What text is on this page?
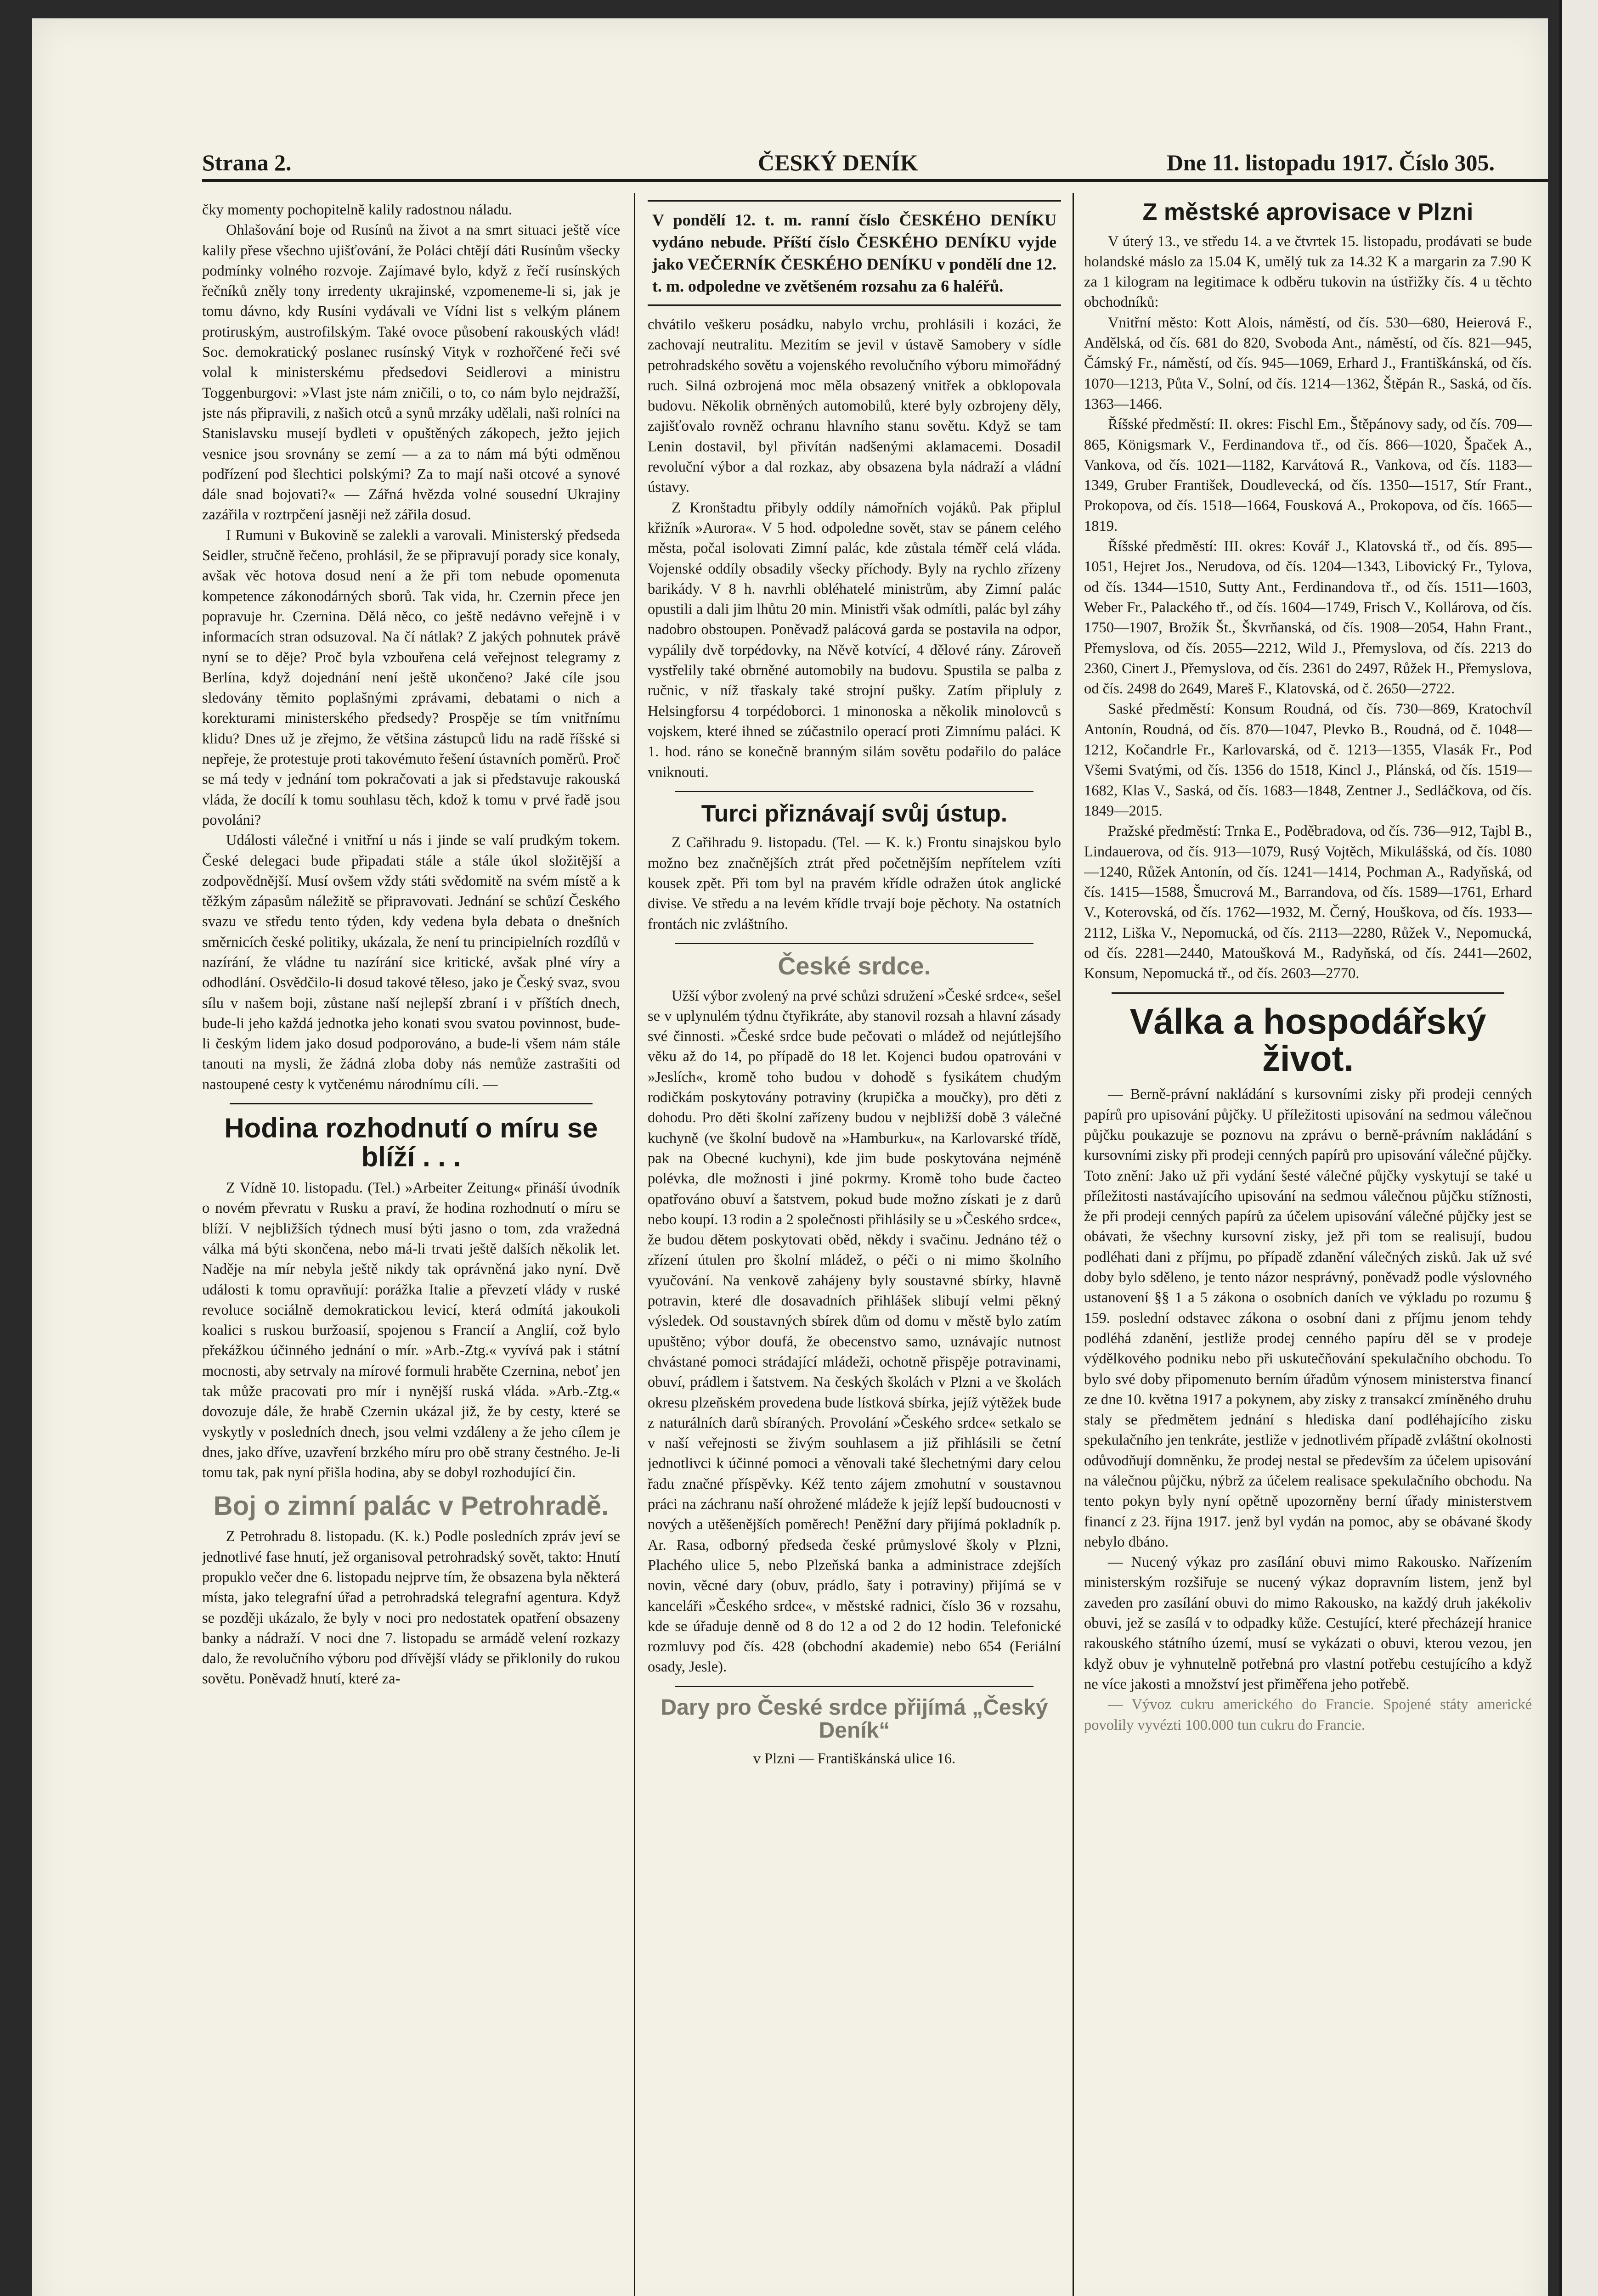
Strana 2.	ČESKÝ DENÍK	Dne 11. listopadu 1917. Číslo 305.

čky momenty pochopitelně kalily radostnou náladu.

Ohlašování boje od Rusínů na život a na smrt situaci ještě více kalily přese všechno ujišťování, že Poláci chtějí dáti Rusínům všecky podmínky volného rozvoje. Zajímavé bylo, když z řečí rusínských řečníků zněly tony irredenty ukrajinské, vzpomeneme-li si, jak je tomu dávno, kdy Rusíni vydávali ve Vídni list s velkým plánem protiruským, austrofilským. Také ovoce působení rakouských vlád! Soc. demokratický poslanec rusínský Vityk v rozhořčené řeči své volal k ministerskému předsedovi Seidlerovi a ministru Toggenburgovi: »Vlast jste nám zničili, o to, co nám bylo nejdražší, jste nás připravili, z našich otců a synů mrzáky udělali, naši rolníci na Stanislavsku musejí bydleti v opuštěných zákopech, ježto jejich vesnice jsou srovnány se zemí — a za to nám má býti odměnou podřízení pod šlechtici polskými? Za to mají naši otcové a synové dále snad bojovati?« — Zářná hvězda volné sousední Ukrajiny zazářila v roztrpčení jasněji než zářila dosud.

I Rumuni v Bukovině se zalekli a varovali. Ministerský předseda Seidler, stručně řečeno, prohlásil, že se připravují porady sice konaly, avšak věc hotova dosud není a že při tom nebude opomenuta kompetence zákonodárných sborů. Tak vida, hr. Czernin přece jen popravuje hr. Czernina. Dělá něco, co ještě nedávno veřejně i v informacích stran odsuzoval. Na čí nátlak? Z jakých pohnutek právě nyní se to děje? Proč byla vzbouřena celá veřejnost telegramy z Berlína, když dojednání není ještě ukončeno? Jaké cíle jsou sledovány těmito poplašnými zprávami, debatami o nich a korekturami ministerského předsedy? Prospěje se tím vnitřnímu klidu? Dnes už je zřejmo, že většina zástupců lidu na radě říšské si nepřeje, že protestuje proti takovémuto řešení ústavních poměrů. Proč se má tedy v jednání tom pokračovati a jak si představuje rakouská vláda, že docílí k tomu souhlasu těch, kdož k tomu v prvé řadě jsou povoláni?

Události válečné i vnitřní u nás i jinde se valí prudkým tokem. České delegaci bude připadati stále a stále úkol složitější a zodpovědnější. Musí ovšem vždy státi svědomitě na svém místě a k těžkým zápasům náležitě se připravovati. Jednání se schůzí Českého svazu ve středu tento týden, kdy vedena byla debata o dnešních směrnicích české politiky, ukázala, že není tu principielních rozdílů v nazírání, že vládne tu nazírání sice kritické, avšak plné víry a odhodlání. Osvědčilo-li dosud takové těleso, jako je Český svaz, svou sílu v našem boji, zůstane naší nejlepší zbraní i v příštích dnech, bude-li jeho každá jednotka jeho konati svou svatou povinnost, bude-li českým lidem jako dosud podporováno, a bude-li všem nám stále tanouti na mysli, že žádná zloba doby nás nemůže zastrašiti od nastoupené cesty k vytčenému národnímu cíli. —

Hodina rozhodnutí o míru se blíží . . .

Z Vídně 10. listopadu. (Tel.) »Arbeiter Zeitung« přináší úvodník o novém převratu v Rusku a praví, že hodina rozhodnutí o míru se blíží. V nejbližších týdnech musí býti jasno o tom, zda vražedná válka má býti skončena, nebo má-li trvati ještě dalších několik let. Naděje na mír nebyla ještě nikdy tak oprávněná jako nyní. Dvě události k tomu opravňují: porážka Italie a převzetí vlády v ruské revoluce sociálně demokratickou levicí, která odmítá jakoukoli koalici s ruskou buržoasií, spojenou s Francií a Anglií, což bylo překážkou účinného jednání o mír. »Arb.-Ztg.« vyvívá pak i státní mocnosti, aby setrvaly na mírové formuli hraběte Czernina, neboť jen tak může pracovati pro mír i nynější ruská vláda. »Arb.-Ztg.« dovozuje dále, že hrabě Czernin ukázal již, že by cesty, které se vyskytly v posledních dnech, jsou velmi vzdáleny a že jeho cílem je dnes, jako dříve, uzavření brzkého míru pro obě strany čestného. Je-li tomu tak, pak nyní přišla hodina, aby se dobyl rozhodující čin.

Boj o zimní palác v Petrohradě.

Z Petrohradu 8. listopadu. (K. k.) Podle posledních zpráv jeví se jednotlivé fase hnutí, jež organisoval petrohradský sovět, takto: Hnutí propuklo večer dne 6. listopadu nejprve tím, že obsazena byla některá místa, jako telegrafní úřad a petrohradská telegrafní agentura. Když se později ukázalo, že byly v noci pro nedostatek opatření obsazeny banky a nádraží. V noci dne 7. listopadu se armádě velení rozkazy dalo, že revolučního výboru pod dřívější vlády se přiklonily do rukou sovětu. Poněvadž hnutí, které za-

V pondělí 12. t. m. ranní číslo ČESKÉHO DENÍKU vydáno nebude. Příští číslo ČESKÉHO DENÍKU vyjde jako VEČERNÍK ČESKÉHO DENÍKU v pondělí dne 12. t. m. odpoledne ve zvětšeném rozsahu za 6 haléřů.

chvátilo veškeru posádku, nabylo vrchu, prohlásili i kozáci, že zachovají neutralitu. Mezitím se jevil v ústavě Samobery v sídle petrohradského sovětu a vojenského revolučního výboru mimořádný ruch. Silná ozbrojená moc měla obsazený vnitřek a obklopovala budovu. Několik obrněných automobilů, které byly ozbrojeny děly, zajišťovalo rovněž ochranu hlavního stanu sovětu. Když se tam Lenin dostavil, byl přivítán nadšenými aklamacemi. Dosadil revoluční výbor a dal rozkaz, aby obsazena byla nádraží a vládní ústavy.

Z Kronštadtu přibyly oddíly námořních vojáků. Pak připlul křižník »Aurora«. V 5 hod. odpoledne sovět, stav se pánem celého města, počal isolovati Zimní palác, kde zůstala téměř celá vláda. Vojenské oddíly obsadily všecky příchody. Byly na rychlo zřízeny barikády. V 8 h. navrhli obléhatelé ministrům, aby Zimní palác opustili a dali jim lhůtu 20 min. Ministři však odmítli, palác byl záhy nadobro obstoupen. Poněvadž palácová garda se postavila na odpor, vypálily dvě torpédovky, na Něvě kotvící, 4 dělové rány. Zároveň vystřelily také obrněné automobily na budovu. Spustila se palba z ručnic, v níž třaskaly také strojní pušky. Zatím připluly z Helsingforsu 4 torpédoborci. 1 minonoska a několik minolovců s vojskem, které ihned se zúčastnilo operací proti Zimnímu paláci. K 1. hod. ráno se konečně branným silám sovětu podařilo do paláce vniknouti.

Turci přiznávají svůj ústup.

Z Cařihradu 9. listopadu. (Tel. — K. k.) Frontu sinajskou bylo možno bez značnějších ztrát před početnějším nepřítelem vzíti kousek zpět. Při tom byl na pravém křídle odražen útok anglické divise. Ve středu a na levém křídle trvají boje pěchoty. Na ostatních frontách nic zvláštního.

České srdce.

Užší výbor zvolený na prvé schůzi sdružení »České srdce«, sešel se v uplynulém týdnu čtyřikráte, aby stanovil rozsah a hlavní zásady své činnosti. »České srdce bude pečovati o mládež od nejútlejšího věku až do 14, po případě do 18 let. Kojenci budou opatrováni v »Jeslích«, kromě toho budou v dohodě s fysikátem chudým rodičkám poskytovány potraviny (krupička a moučky), pro děti z dohodu. Pro děti školní zařízeny budou v nejbližší době 3 válečné kuchyně (ve školní budově na »Hamburku«, na Karlovarské třídě, pak na Obecné kuchyni), kde jim bude poskytována nejméně polévka, dle možnosti i jiné pokrmy. Kromě toho bude čacteo opatřováno obuví a šatstvem, pokud bude možno získati je z darů nebo koupí. 13 rodin a 2 společnosti přihlásily se u »Českého srdce«, že budou dětem poskytovati oběd, někdy i svačinu. Jednáno též o zřízení útulen pro školní mládež, o péči o ni mimo školního vyučování. Na venkově zahájeny byly soustavné sbírky, hlavně potravin, které dle dosavadních přihlášek slibují velmi pěkný výsledek. Od soustavných sbírek dům od domu v městě bylo zatím upuštěno; výbor doufá, že obecenstvo samo, uznávajíc nutnost chvástané pomoci strádající mládeži, ochotně přispěje potravinami, obuví, prádlem i šatstvem. Na českých školách v Plzni a ve školách okresu plzeňském provedena bude lístková sbírka, jejíž výtěžek bude z naturálních darů sbíraných. Provolání »Českého srdce« setkalo se v naší veřejnosti se živým souhlasem a již přihlásili se četní jednotlivci k účinné pomoci a věnovali také šlechetnými dary celou řadu značné příspěvky. Kéž tento zájem zmohutní v soustavnou práci na záchranu naší ohrožené mládeže k jejíž lepší budoucnosti v nových a utěšenějších poměrech! Peněžní dary přijímá pokladník p. Ar. Rasa, odborný předseda české průmyslové školy v Plzni, Plachého ulice 5, nebo Plzeňská banka a administrace zdejších novin, věcné dary (obuv, prádlo, šaty i potraviny) přijímá se v kanceláři »Českého srdce«, v městské radnici, číslo 36 v rozsahu, kde se úřaduje denně od 8 do 12 a od 2 do 12 hodin. Telefonické rozmluvy pod čís. 428 (obchodní akademie) nebo 654 (Feriální osady, Jesle).

Dary pro České srdce přijímá „Český Deník“

v Plzni — Františkánská ulice 16.

Z městské aprovisace v Plzni

V úterý 13., ve středu 14. a ve čtvrtek 15. listopadu, prodávati se bude holandské máslo za 15.04 K, umělý tuk za 14.32 K a margarin za 7.90 K za 1 kilogram na legitimace k odběru tukovin na ústřižky čís. 4 u těchto obchodníků:

Vnitřní město: Kott Alois, náměstí, od čís. 530—680, Heierová F., Andělská, od čís. 681 do 820, Svoboda Ant., náměstí, od čís. 821—945, Čámský Fr., náměstí, od čís. 945—1069, Erhard J., Františkánská, od čís. 1070—1213, Půta V., Solní, od čís. 1214—1362, Štěpán R., Saská, od čís. 1363—1466.

Říšské předměstí: II. okres: Fischl Em., Štěpánovy sady, od čís. 709—865, Königsmark V., Ferdinandova tř., od čís. 866—1020, Špaček A., Vankova, od čís. 1021—1182, Karvátová R., Vankova, od čís. 1183—1349, Gruber František, Doudlevecká, od čís. 1350—1517, Stír Frant., Prokopova, od čís. 1518—1664, Fousková A., Prokopova, od čís. 1665—1819.

Říšské předměstí: III. okres: Kovář J., Klatovská tř., od čís. 895—1051, Hejret Jos., Nerudova, od čís. 1204—1343, Libovický Fr., Tylova, od čís. 1344—1510, Sutty Ant., Ferdinandova tř., od čís. 1511—1603, Weber Fr., Palackého tř., od čís. 1604—1749, Frisch V., Kollárova, od čís. 1750—1907, Brožík Št., Škvrňanská, od čís. 1908—2054, Hahn Frant., Přemyslova, od čís. 2055—2212, Wild J., Přemyslova, od čís. 2213 do 2360, Cinert J., Přemyslova, od čís. 2361 do 2497, Růžek H., Přemyslova, od čís. 2498 do 2649, Mareš F., Klatovská, od č. 2650—2722.

Saské předměstí: Konsum Roudná, od čís. 730—869, Kratochvíl Antonín, Roudná, od čís. 870—1047, Plevko B., Roudná, od č. 1048—1212, Kočandrle Fr., Karlovarská, od č. 1213—1355, Vlasák Fr., Pod Všemi Svatými, od čís. 1356 do 1518, Kincl J., Plánská, od čís. 1519—1682, Klas V., Saská, od čís. 1683—1848, Zentner J., Sedláčkova, od čís. 1849—2015.

Pražské předměstí: Trnka E., Poděbradova, od čís. 736—912, Tajbl B., Lindauerova, od čís. 913—1079, Rusý Vojtěch, Mikulášská, od čís. 1080—1240, Růžek Antonín, od čís. 1241—1414, Pochman A., Radyňská, od čís. 1415—1588, Šmucrová M., Barrandova, od čís. 1589—1761, Erhard V., Koterovská, od čís. 1762—1932, M. Černý, Houškova, od čís. 1933—2112, Liška V., Nepomucká, od čís. 2113—2280, Růžek V., Nepomucká, od čís. 2281—2440, Matoušková M., Radyňská, od čís. 2441—2602, Konsum, Nepomucká tř., od čís. 2603—2770.

Válka a hospodářský život.

— Berně-právní nakládání s kursovními zisky při prodeji cenných papírů pro upisování půjčky. U příležitosti upisování na sedmou válečnou půjčku poukazuje se poznovu na zprávu o berně-právním nakládání s kursovními zisky při prodeji cenných papírů pro upisování válečné půjčky. Toto znění: Jako už při vydání šesté válečné půjčky vyskytují se také u příležitosti nastávajícího upisování na sedmou válečnou půjčku stížnosti, že při prodeji cenných papírů za účelem upisování válečné půjčky jest se obávati, že všechny kursovní zisky, jež při tom se realisují, budou podléhati dani z příjmu, po případě zdanění válečných zisků. Jak už své doby bylo sděleno, je tento názor nesprávný, poněvadž podle výslovného ustanovení §§ 1 a 5 zákona o osobních daních ve výkladu po rozumu § 159. poslední odstavec zákona o osobní dani z příjmu jenom tehdy podléhá zdanění, jestliže prodej cenného papíru děl se v prodeje výdělkového podniku nebo při uskutečňování spekulačního obchodu. To bylo své doby připomenuto berním úřadům výnosem ministerstva financí ze dne 10. května 1917 a pokynem, aby zisky z transakcí zmíněného druhu staly se předmětem jednání s hlediska daní podléhajícího zisku spekulačního jen tenkráte, jestliže v jednotlivém případě zvláštní okolnosti odůvodňují domněnku, že prodej nestal se především za účelem upisování na válečnou půjčku, nýbrž za účelem realisace spekulačního obchodu. Na tento pokyn byly nyní opětně upozorněny berní úřady ministerstvem financí z 23. října 1917. jenž byl vydán na pomoc, aby se obávané škody nebylo dbáno.

— Nucený výkaz pro zasílání obuvi mimo Rakousko. Nařízením ministerským rozšiřuje se nucený výkaz dopravním listem, jenž byl zaveden pro zasílání obuvi do mimo Rakousko, na každý druh jakékoliv obuvi, jež se zasílá v to odpadky kůže. Cestující, které přecházejí hranice rakouského státního území, musí se vykázati o obuvi, kterou vezou, jen když obuv je vyhnutelně potřebná pro vlastní potřebu cestujícího a když ne více jakosti a množství jest přiměřena jeho potřebě.

— Vývoz cukru amerického do Francie. Spojené státy americké povolily vyvézti 100.000 tun cukru do Francie.
